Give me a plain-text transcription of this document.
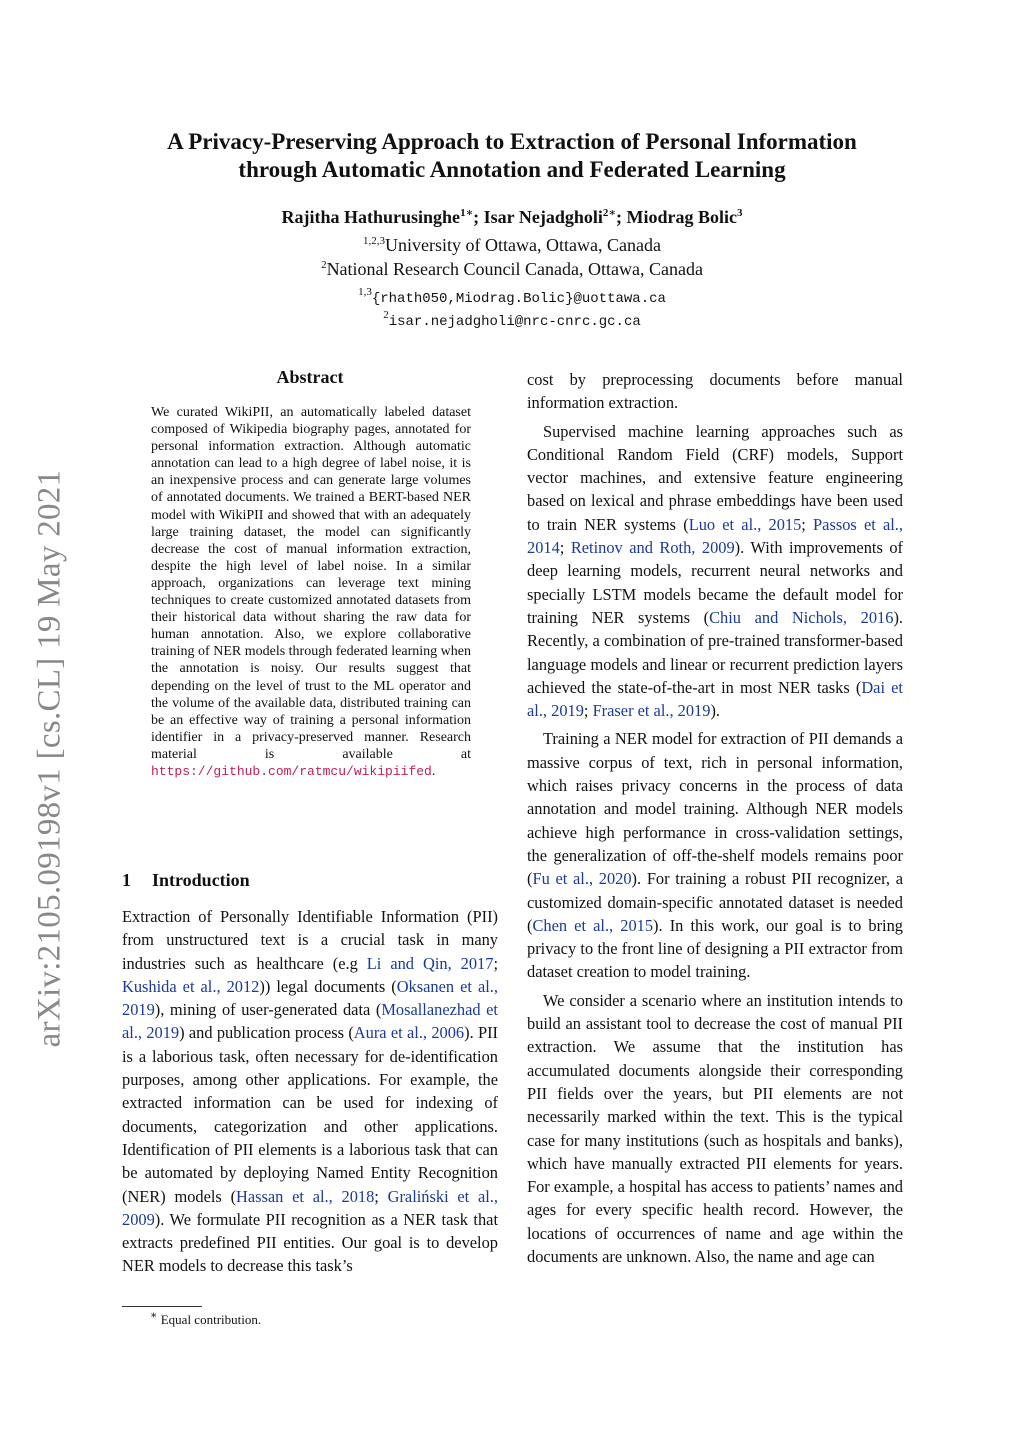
arXiv:2105.09198v1 [cs.CL] 19 May 2021
A Privacy-Preserving Approach to Extraction of Personal Information
through Automatic Annotation and Federated Learning
Rajitha Hathurusinghe$^{1∗}$; Isar Nejadgholi$^{2∗}$; Miodrag Bolic$^3$
$^{1,2,3}$University of Ottawa, Ottawa, Canada
$^2$National Research Council Canada, Ottawa, Canada
$^{1,3}${rhath050,Miodrag.Bolic}@uottawa.ca
$^2$isar.nejadgholi@nrc-cnrc.gc.ca
Abstract
We curated WikiPII, an automatically labeled dataset composed of Wikipedia biography pages, annotated for personal information extraction. Although automatic annotation can lead to a high degree of label noise, it is an inexpensive process and can generate large volumes of annotated documents. We trained a BERT-based NER model with WikiPII and showed that with an adequately large training dataset, the model can significantly decrease the cost of manual information extraction, despite the high level of label noise. In a similar approach, organizations can leverage text mining techniques to create customized annotated datasets from their historical data without sharing the raw data for human annotation. Also, we explore collaborative training of NER models through federated learning when the annotation is noisy. Our results suggest that depending on the level of trust to the ML operator and the volume of the available data, distributed training can be an effective way of training a personal information identifier in a privacy-preserved manner. Research material is available at https://github.com/ratmcu/wikipiifed.
1 Introduction

Extraction of Personally Identifiable Information (PII) from unstructured text is a crucial task in many industries such as healthcare (e.g Li and Qin, 2017; Kushida et al., 2012)) legal documents (Oksanen et al., 2019), mining of user-generated data (Mosallanezhad et al., 2019) and publication process (Aura et al., 2006). PII is a laborious task, often necessary for de-identification purposes, among other applications. For example, the extracted information can be used for indexing of documents, categorization and other applications. Identification of PII elements is a laborious task that can be automated by deploying Named Entity Recognition (NER) models (Hassan et al., 2018; Graliński et al., 2009). We formulate PII recognition as a NER task that extracts predefined PII entities. Our goal is to develop NER models to decrease this task’s

∗ Equal contribution.

cost by preprocessing documents before manual information extraction.

Supervised machine learning approaches such as Conditional Random Field (CRF) models, Support vector machines, and extensive feature engineering based on lexical and phrase embeddings have been used to train NER systems (Luo et al., 2015; Passos et al., 2014; Retinov and Roth, 2009). With improvements of deep learning models, recurrent neural networks and specially LSTM models became the default model for training NER systems (Chiu and Nichols, 2016). Recently, a combination of pre-trained transformer-based language models and linear or recurrent prediction layers achieved the state-of-the-art in most NER tasks (Dai et al., 2019; Fraser et al., 2019).

Training a NER model for extraction of PII demands a massive corpus of text, rich in personal information, which raises privacy concerns in the process of data annotation and model training. Although NER models achieve high performance in cross-validation settings, the generalization of off-the-shelf models remains poor (Fu et al., 2020). For training a robust PII recognizer, a customized domain-specific annotated dataset is needed (Chen et al., 2015). In this work, our goal is to bring privacy to the front line of designing a PII extractor from dataset creation to model training.

We consider a scenario where an institution intends to build an assistant tool to decrease the cost of manual PII extraction. We assume that the institution has accumulated documents alongside their corresponding PII fields over the years, but PII elements are not necessarily marked within the text. This is the typical case for many institutions (such as hospitals and banks), which have manually extracted PII elements for years. For example, a hospital has access to patients’ names and ages for every specific health record. However, the locations of occurrences of name and age within the documents are unknown. Also, the name and age can
